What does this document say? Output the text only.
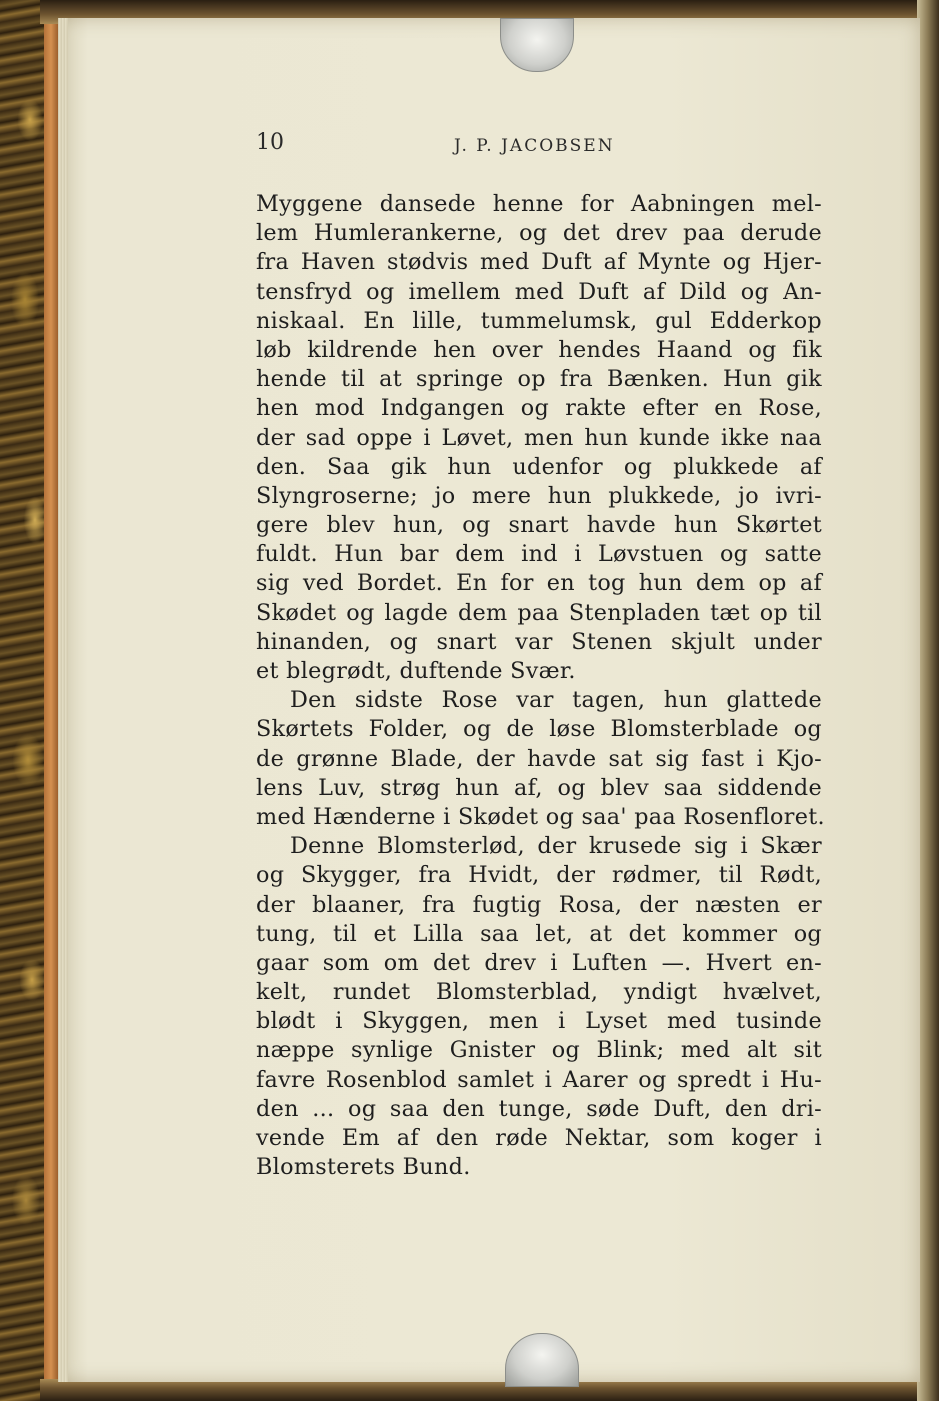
10	J. P. JACOBSEN
Myggene dansede henne for Aabningen mel-
lem Humlerankerne, og det drev paa derude
fra Haven stødvis med Duft af Mynte og Hjer-
tensfryd og imellem med Duft af Dild og An-
niskaal. En lille, tummelumsk, gul Edderkop
løb kildrende hen over hendes Haand og fik
hende til at springe op fra Bænken. Hun gik
hen mod Indgangen og rakte efter en Rose,
der sad oppe i Løvet, men hun kunde ikke naa
den. Saa gik hun udenfor og plukkede af
Slyngroserne; jo mere hun plukkede, jo ivri-
gere blev hun, og snart havde hun Skørtet
fuldt. Hun bar dem ind i Løvstuen og satte
sig ved Bordet. En for en tog hun dem op af
Skødet og lagde dem paa Stenpladen tæt op til
hinanden, og snart var Stenen skjult under
et blegrødt, duftende Svær.
Den sidste Rose var tagen, hun glattede
Skørtets Folder, og de løse Blomsterblade og
de grønne Blade, der havde sat sig fast i Kjo-
lens Luv, strøg hun af, og blev saa siddende
med Hænderne i Skødet og saa' paa Rosenfloret.
Denne Blomsterlød, der krusede sig i Skær
og Skygger, fra Hvidt, der rødmer, til Rødt,
der blaaner, fra fugtig Rosa, der næsten er
tung, til et Lilla saa let, at det kommer og
gaar som om det drev i Luften —. Hvert en-
kelt, rundet Blomsterblad, yndigt hvælvet,
blødt i Skyggen, men i Lyset med tusinde
næppe synlige Gnister og Blink; med alt sit
favre Rosenblod samlet i Aarer og spredt i Hu-
den ... og saa den tunge, søde Duft, den dri-
vende Em af den røde Nektar, som koger i
Blomsterets Bund.
